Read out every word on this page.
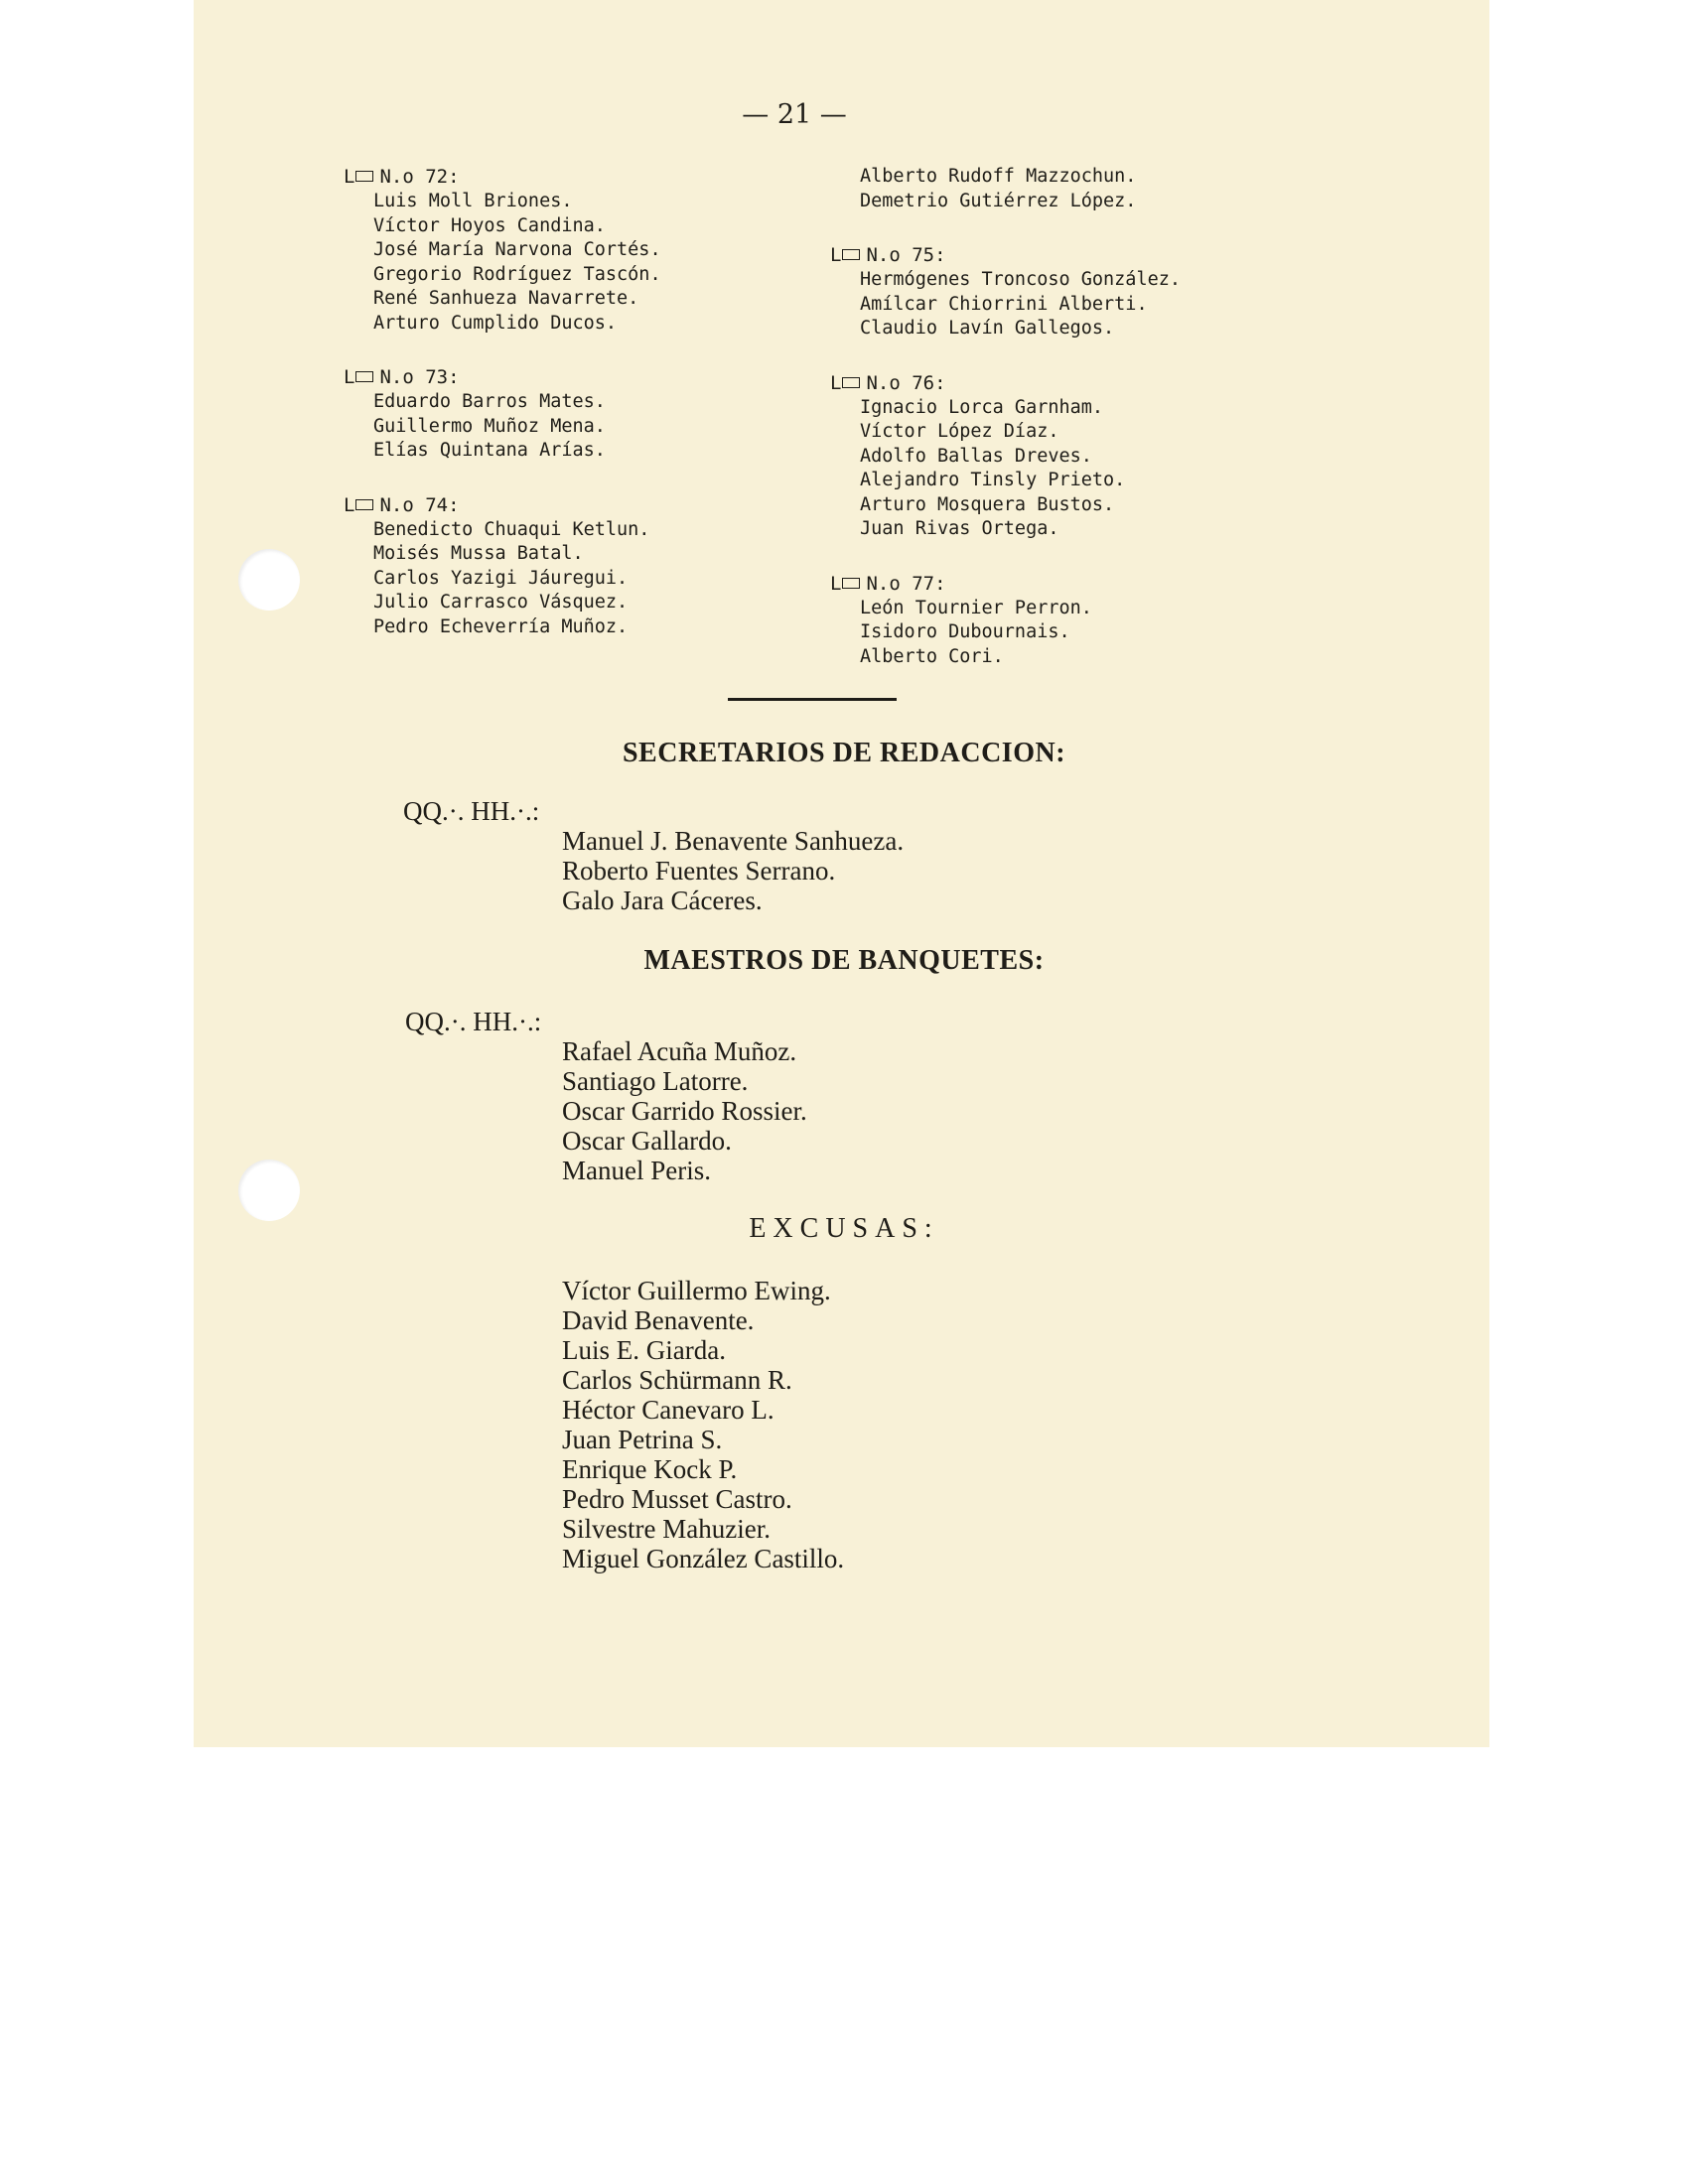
— 21 —
L N.o 72:
Luis Moll Briones.
Víctor Hoyos Candina.
José María Narvona Cortés.
Gregorio Rodríguez Tascón.
René Sanhueza Navarrete.
Arturo Cumplido Ducos.
L N.o 73:
Eduardo Barros Mates.
Guillermo Muñoz Mena.
Elías Quintana Arías.
L N.o 74:
Benedicto Chuaqui Ketlun.
Moisés Mussa Batal.
Carlos Yazigi Jáuregui.
Julio Carrasco Vásquez.
Pedro Echeverría Muñoz.
Alberto Rudoff Mazzochun.
Demetrio Gutiérrez López.
L N.o 75:
Hermógenes Troncoso González.
Amílcar Chiorrini Alberti.
Claudio Lavín Gallegos.
L N.o 76:
Ignacio Lorca Garnham.
Víctor López Díaz.
Adolfo Ballas Dreves.
Alejandro Tinsly Prieto.
Arturo Mosquera Bustos.
Juan Rivas Ortega.
L N.o 77:
León Tournier Perron.
Isidoro Dubournais.
Alberto Cori.
SECRETARIOS DE REDACCION:
QQ.·. HH.·.:
Manuel J. Benavente Sanhueza.
Roberto Fuentes Serrano.
Galo Jara Cáceres.
MAESTROS DE BANQUETES:
QQ.·. HH.·.:
Rafael Acuña Muñoz.
Santiago Latorre.
Oscar Garrido Rossier.
Oscar Gallardo.
Manuel Peris.
EXCUSAS:
Víctor Guillermo Ewing.
David Benavente.
Luis E. Giarda.
Carlos Schürmann R.
Héctor Canevaro L.
Juan Petrina S.
Enrique Kock P.
Pedro Musset Castro.
Silvestre Mahuzier.
Miguel González Castillo.
